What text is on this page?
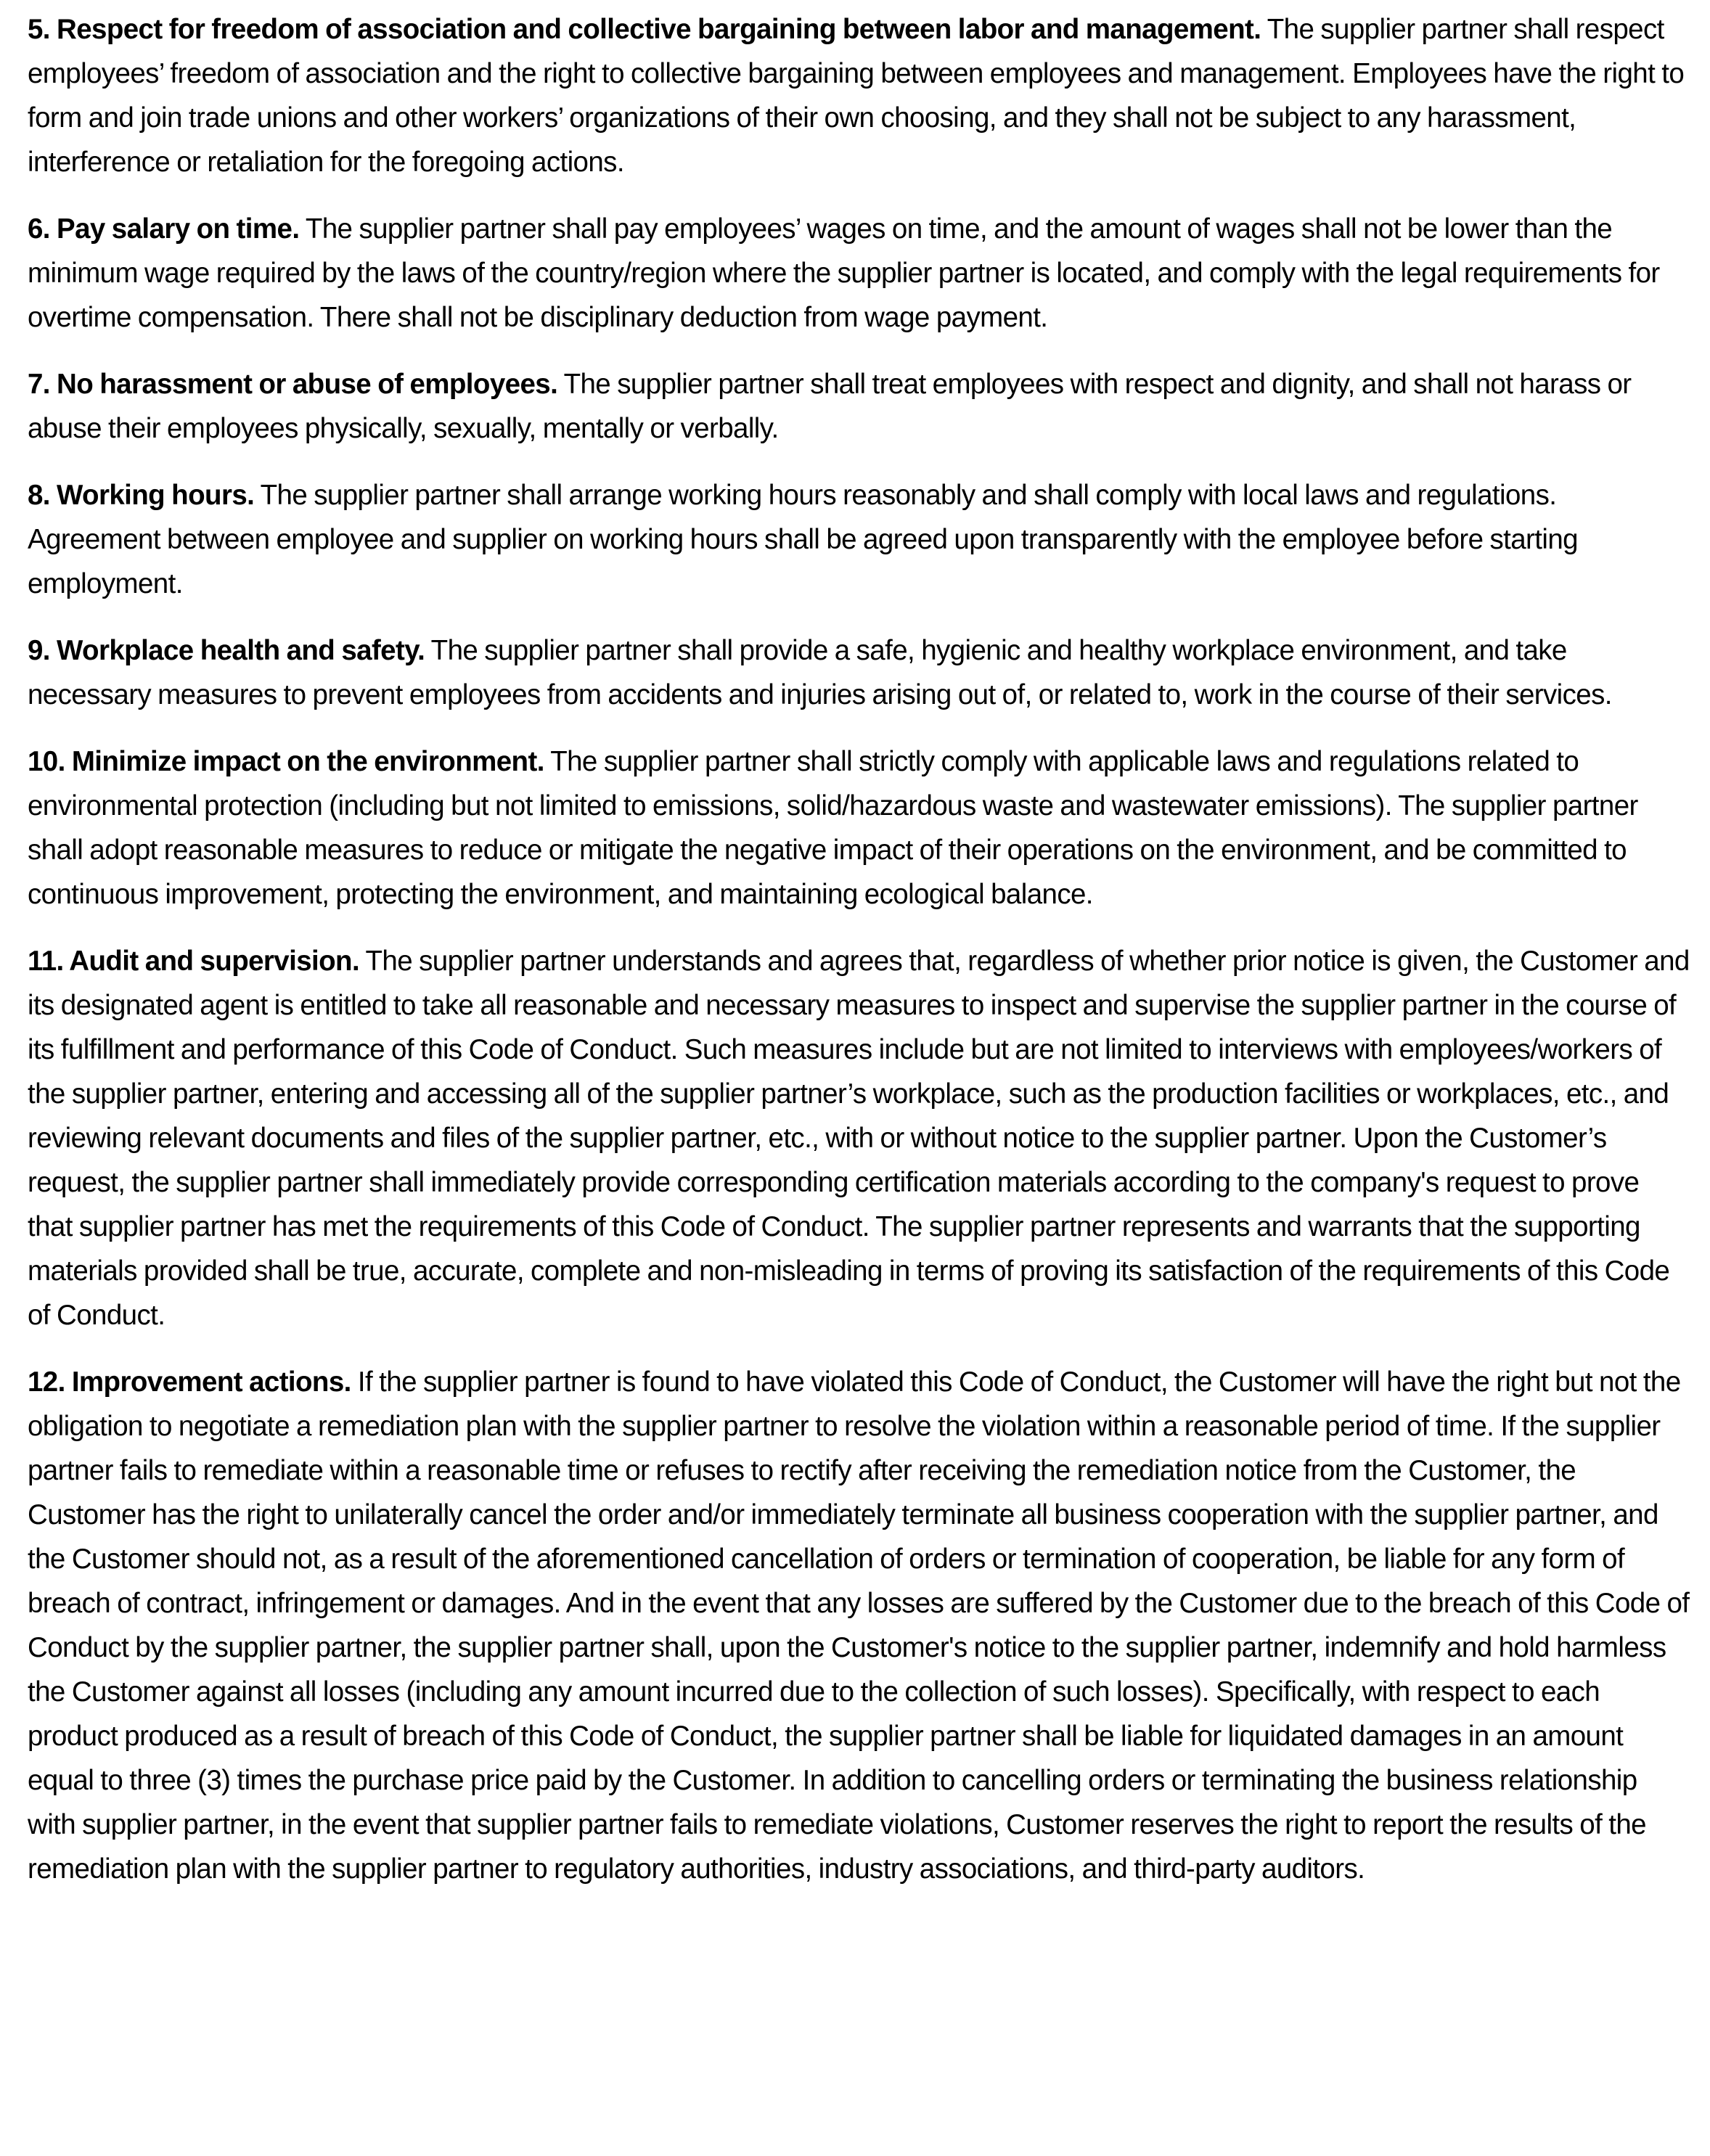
5. Respect for freedom of association and collective bargaining between labor and management. The supplier partner shall respect employees’ freedom of association and the right to collective bargaining between employees and management. Employees have the right to form and join trade unions and other workers’ organizations of their own choosing, and they shall not be subject to any harassment, interference or retaliation for the foregoing actions.

6. Pay salary on time. The supplier partner shall pay employees’ wages on time, and the amount of wages shall not be lower than the minimum wage required by the laws of the country/region where the supplier partner is located, and comply with the legal requirements for overtime compensation. There shall not be disciplinary deduction from wage payment.

7. No harassment or abuse of employees. The supplier partner shall treat employees with respect and dignity, and shall not harass or abuse their employees physically, sexually, mentally or verbally.

8. Working hours. The supplier partner shall arrange working hours reasonably and shall comply with local laws and regulations. Agreement between employee and supplier on working hours shall be agreed upon transparently with the employee before starting employment.

9. Workplace health and safety. The supplier partner shall provide a safe, hygienic and healthy workplace environment, and take necessary measures to prevent employees from accidents and injuries arising out of, or related to, work in the course of their services.

10. Minimize impact on the environment. The supplier partner shall strictly comply with applicable laws and regulations related to environmental protection (including but not limited to emissions, solid/hazardous waste and wastewater emissions). The supplier partner shall adopt reasonable measures to reduce or mitigate the negative impact of their operations on the environment, and be committed to continuous improvement, protecting the environment, and maintaining ecological balance.

11. Audit and supervision. The supplier partner understands and agrees that, regardless of whether prior notice is given, the Customer and its designated agent is entitled to take all reasonable and necessary measures to inspect and supervise the supplier partner in the course of its fulfillment and performance of this Code of Conduct. Such measures include but are not limited to interviews with employees/workers of the supplier partner, entering and accessing all of the supplier partner’s workplace, such as the production facilities or workplaces, etc., and reviewing relevant documents and files of the supplier partner, etc., with or without notice to the supplier partner. Upon the Customer’s request, the supplier partner shall immediately provide corresponding certification materials according to the company's request to prove that supplier partner has met the requirements of this Code of Conduct. The supplier partner represents and warrants that the supporting materials provided shall be true, accurate, complete and non-misleading in terms of proving its satisfaction of the requirements of this Code of Conduct.

12. Improvement actions. If the supplier partner is found to have violated this Code of Conduct, the Customer will have the right but not the obligation to negotiate a remediation plan with the supplier partner to resolve the violation within a reasonable period of time. If the supplier partner fails to remediate within a reasonable time or refuses to rectify after receiving the remediation notice from the Customer, the Customer has the right to unilaterally cancel the order and/or immediately terminate all business cooperation with the supplier partner, and the Customer should not, as a result of the aforementioned cancellation of orders or termination of cooperation, be liable for any form of breach of contract, infringement or damages. And in the event that any losses are suffered by the Customer due to the breach of this Code of Conduct by the supplier partner, the supplier partner shall, upon the Customer's notice to the supplier partner, indemnify and hold harmless the Customer against all losses (including any amount incurred due to the collection of such losses). Specifically, with respect to each product produced as a result of breach of this Code of Conduct, the supplier partner shall be liable for liquidated damages in an amount equal to three (3) times the purchase price paid by the Customer. In addition to cancelling orders or terminating the business relationship with supplier partner, in the event that supplier partner fails to remediate violations, Customer reserves the right to report the results of the remediation plan with the supplier partner to regulatory authorities, industry associations, and third-party auditors.
